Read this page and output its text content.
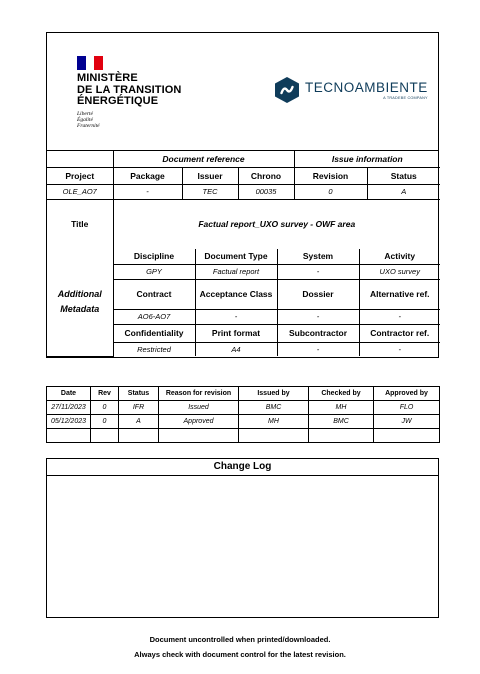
MINISTÈRE
DE LA TRANSITION
ÉNERGÉTIQUE
Liberté
Égalité
Fraternité
TECNOAMBIENTE
A TRADEBE COMPANY
	Document reference			Issue information	
Project	Package	Issuer	Chrono	Revision	Status
OLE_AO7	-	TEC	00035	0	A
Title	Factual report_UXO survey - OWF area				
Additional Metadata	Discipline	Document Type	System	Activity
	GPY	Factual report	-	UXO survey
	Contract	Acceptance Class	Dossier	Alternative ref.
	AO6-AO7	-	-	-
	Confidentiality	Print format	Subcontractor	Contractor ref.
	Restricted	A4	-	-
Date	Rev	Status	Reason for revision	Issued by	Checked by	Approved by
27/11/2023	0	IFR	Issued	BMC	MH	FLO
05/12/2023	0	A	Approved	MH	BMC	JW

Change Log
Document uncontrolled when printed/downloaded.
Always check with document control for the latest revision.
